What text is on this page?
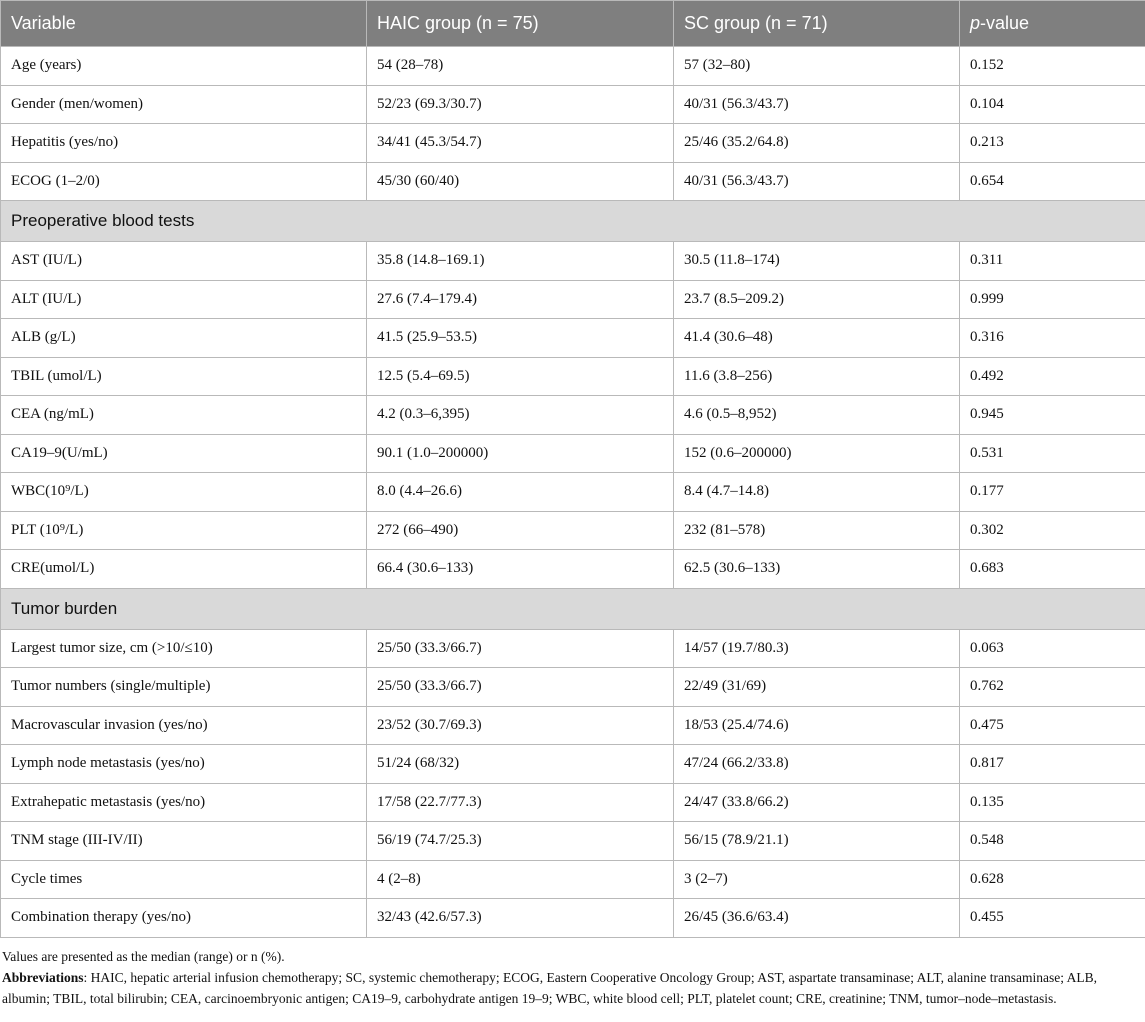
Variable	HAIC group (n = 75)	SC group (n = 71)	p-value
Age (years)	54 (28–78)	57 (32–80)	0.152
Gender (men/women)	52/23 (69.3/30.7)	40/31 (56.3/43.7)	0.104
Hepatitis (yes/no)	34/41 (45.3/54.7)	25/46 (35.2/64.8)	0.213
ECOG (1–2/0)	45/30 (60/40)	40/31 (56.3/43.7)	0.654
Preoperative blood tests			
AST (IU/L)	35.8 (14.8–169.1)	30.5 (11.8–174)	0.311
ALT (IU/L)	27.6 (7.4–179.4)	23.7 (8.5–209.2)	0.999
ALB (g/L)	41.5 (25.9–53.5)	41.4 (30.6–48)	0.316
TBIL (umol/L)	12.5 (5.4–69.5)	11.6 (3.8–256)	0.492
CEA (ng/mL)	4.2 (0.3–6,395)	4.6 (0.5–8,952)	0.945
CA19–9(U/mL)	90.1 (1.0–200000)	152 (0.6–200000)	0.531
WBC(10⁹/L)	8.0 (4.4–26.6)	8.4 (4.7–14.8)	0.177
PLT (10⁹/L)	272 (66–490)	232 (81–578)	0.302
CRE(umol/L)	66.4 (30.6–133)	62.5 (30.6–133)	0.683
Tumor burden			
Largest tumor size, cm (>10/≤10)	25/50 (33.3/66.7)	14/57 (19.7/80.3)	0.063
Tumor numbers (single/multiple)	25/50 (33.3/66.7)	22/49 (31/69)	0.762
Macrovascular invasion (yes/no)	23/52 (30.7/69.3)	18/53 (25.4/74.6)	0.475
Lymph node metastasis (yes/no)	51/24 (68/32)	47/24 (66.2/33.8)	0.817
Extrahepatic metastasis (yes/no)	17/58 (22.7/77.3)	24/47 (33.8/66.2)	0.135
TNM stage (III-IV/II)	56/19 (74.7/25.3)	56/15 (78.9/21.1)	0.548
Cycle times	4 (2–8)	3 (2–7)	0.628
Combination therapy (yes/no)	32/43 (42.6/57.3)	26/45 (36.6/63.4)	0.455

Values are presented as the median (range) or n (%).

Abbreviations: HAIC, hepatic arterial infusion chemotherapy; SC, systemic chemotherapy; ECOG, Eastern Cooperative Oncology Group; AST, aspartate transaminase; ALT, alanine transaminase; ALB, albumin; TBIL, total bilirubin; CEA, carcinoembryonic antigen; CA19–9, carbohydrate antigen 19–9; WBC, white blood cell; PLT, platelet count; CRE, creatinine; TNM, tumor–node–metastasis.
